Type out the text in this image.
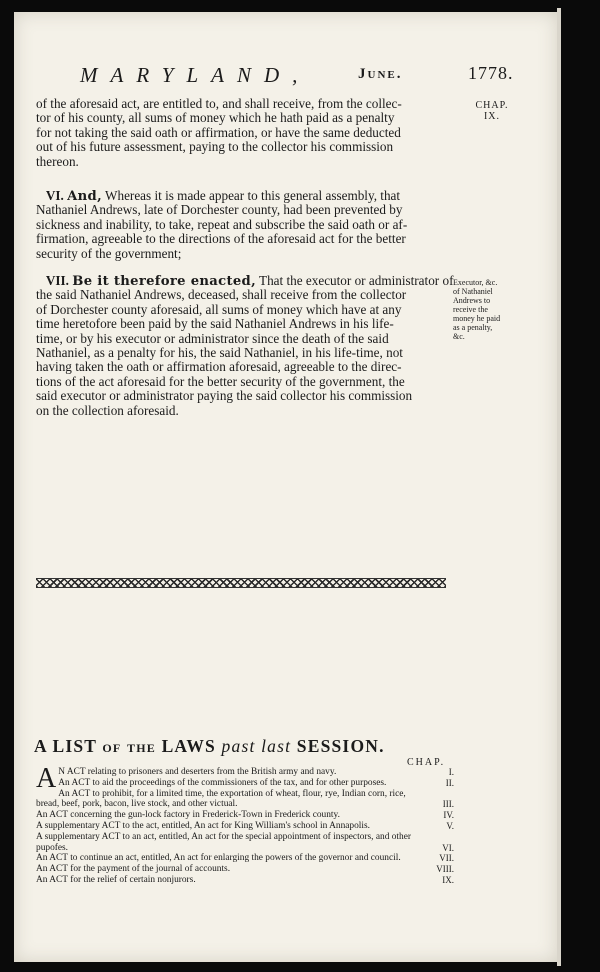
MARYLAND,	June.	1778.
CHAP.
IX.
of the aforesaid act, are entitled to, and shall receive, from the collec-
tor of his county, all sums of money which he hath paid as a penalty
for not taking the said oath or affirmation, or have the same deducted
out of his future assessment, paying to the collector his commission
thereon.
VI. And, Whereas it is made appear to this general assembly, that
Nathaniel Andrews, late of Dorchester county, had been prevented by
sickness and inability, to take, repeat and subscribe the said oath or af-
firmation, agreeable to the directions of the aforesaid act for the better
security of the government;
VII. Be it therefore enacted, That the executor or administrator of
the said Nathaniel Andrews, deceased, shall receive from the collector
of Dorchester county aforesaid, all sums of money which have at any
time heretofore been paid by the said Nathaniel Andrews in his life-
time, or by his executor or administrator since the death of the said
Nathaniel, as a penalty for his, the said Nathaniel, in his life-time, not
having taken the oath or affirmation aforesaid, agreeable to the direc-
tions of the act aforesaid for the better security of the government, the
said executor or administrator paying the said collector his commission
on the collection aforesaid.
Executor, &c.
of Nathaniel
Andrews to
receive the
money he paid
as a penalty,
&c.
A LIST of the LAWS past last SESSION.
CHAP.
A N ACT relating to prisoners and deserters from the British army and navy.	I.
An ACT to aid the proceedings of the commissioners of the tax, and for other purposes.	II.
An ACT to prohibit, for a limited time, the exportation of wheat, flour, rye, Indian corn, rice, bread, beef, pork, bacon, live stock, and other victual.	III.
An ACT concerning the gun-lock factory in Frederick-Town in Frederick county.	IV.
A supplementary ACT to the act, entitled, An act for King William's school in Annapolis.	V.
A supplementary ACT to an act, entitled, An act for the special appointment of inspectors, and other pupofes.	VI.
An ACT to continue an act, entitled, An act for enlarging the powers of the governor and council.	VII.
An ACT for the payment of the journal of accounts.	VIII.
An ACT for the relief of certain nonjurors.	IX.
